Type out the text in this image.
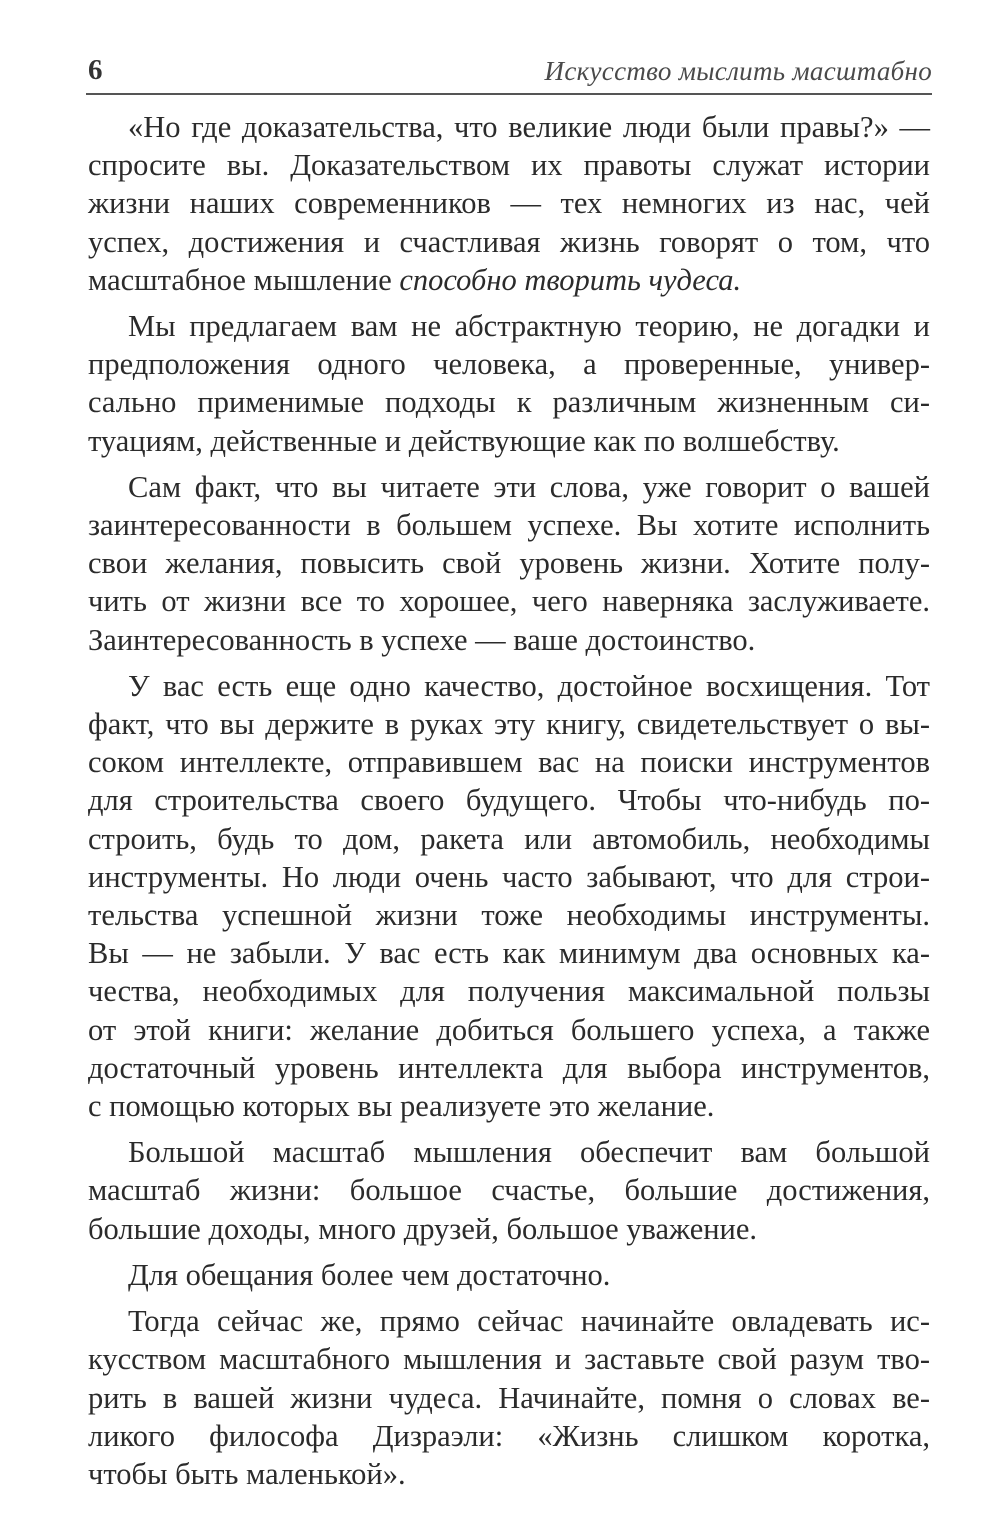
6	Искусство мыслить масштабно

«Но где доказательства, что великие люди были правы?» —
спросите вы. Доказательством их правоты служат истории
жизни наших современников — тех немногих из нас, чей
успех, достижения и счастливая жизнь говорят о том, что
масштабное мышление способно творить чудеса.

Мы предлагаем вам не абстрактную теорию, не догадки и
предположения одного человека, а проверенные, универ-
сально применимые подходы к различным жизненным си-
туациям, действенные и действующие как по волшебству.

Сам факт, что вы читаете эти слова, уже говорит о вашей
заинтересованности в большем успехе. Вы хотите исполнить
свои желания, повысить свой уровень жизни. Хотите полу-
чить от жизни все то хорошее, чего наверняка заслуживаете.
Заинтересованность в успехе — ваше достоинство.

У вас есть еще одно качество, достойное восхищения. Тот
факт, что вы держите в руках эту книгу, свидетельствует о вы-
соком интеллекте, отправившем вас на поиски инструментов
для строительства своего будущего. Чтобы что-нибудь по-
строить, будь то дом, ракета или автомобиль, необходимы
инструменты. Но люди очень часто забывают, что для строи-
тельства успешной жизни тоже необходимы инструменты.
Вы — не забыли. У вас есть как минимум два основных ка-
чества, необходимых для получения максимальной пользы
от этой книги: желание добиться большего успеха, а также
достаточный уровень интеллекта для выбора инструментов,
с помощью которых вы реализуете это желание.

Большой масштаб мышления обеспечит вам большой
масштаб жизни: большое счастье, большие достижения,
большие доходы, много друзей, большое уважение.

Для обещания более чем достаточно.

Тогда сейчас же, прямо сейчас начинайте овладевать ис-
кусством масштабного мышления и заставьте свой разум тво-
рить в вашей жизни чудеса. Начинайте, помня о словах ве-
ликого философа Дизраэли: «Жизнь слишком коротка,
чтобы быть маленькой».
